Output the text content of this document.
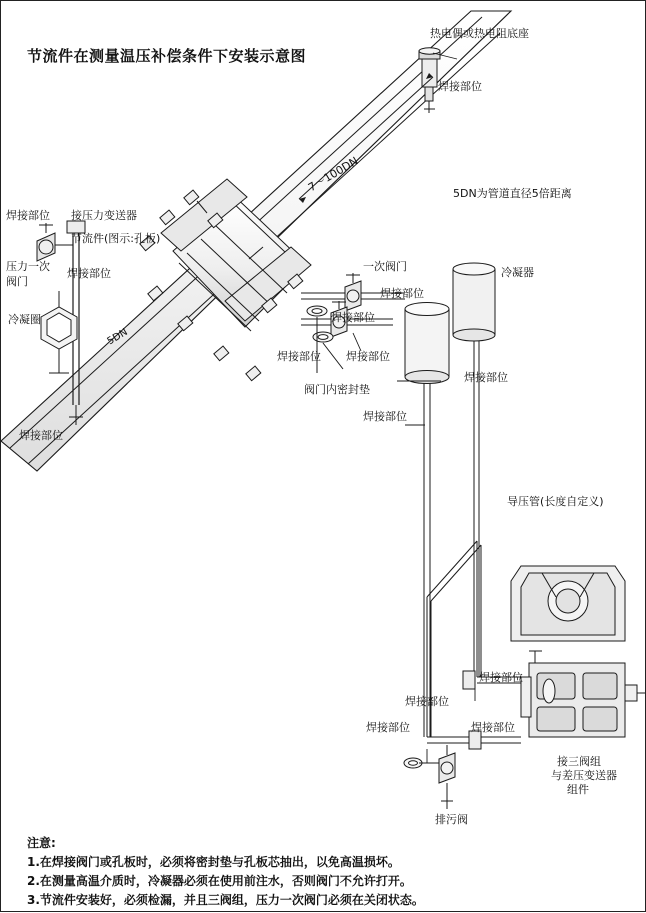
节流件在测量温压补偿条件下安装示意图
热电偶或热电阻底座
焊接部位
7～100DN	5DN为管道直径5倍距离
焊接部位 接压力变送器
节流件(图示:孔板)
压力一次
阀门
焊接部位
冷凝圈
5DN
焊接部位
一次阀门
焊接部位
焊接部位
焊接部位 焊接部位
阀门内密封垫
冷凝器
焊接部位
焊接部位
导压管(长度自定义)
焊接部位
焊接部位
焊接部位	焊接部位
排污阀
接三阀组
与差压变送器
组件
注意:
1.在焊接阀门或孔板时，必须将密封垫与孔板芯抽出，以免高温损坏。
2.在测量高温介质时，冷凝器必须在使用前注水，否则阀门不允许打开。
3.节流件安装好，必须检漏，并且三阀组，压力一次阀门必须在关闭状态。
